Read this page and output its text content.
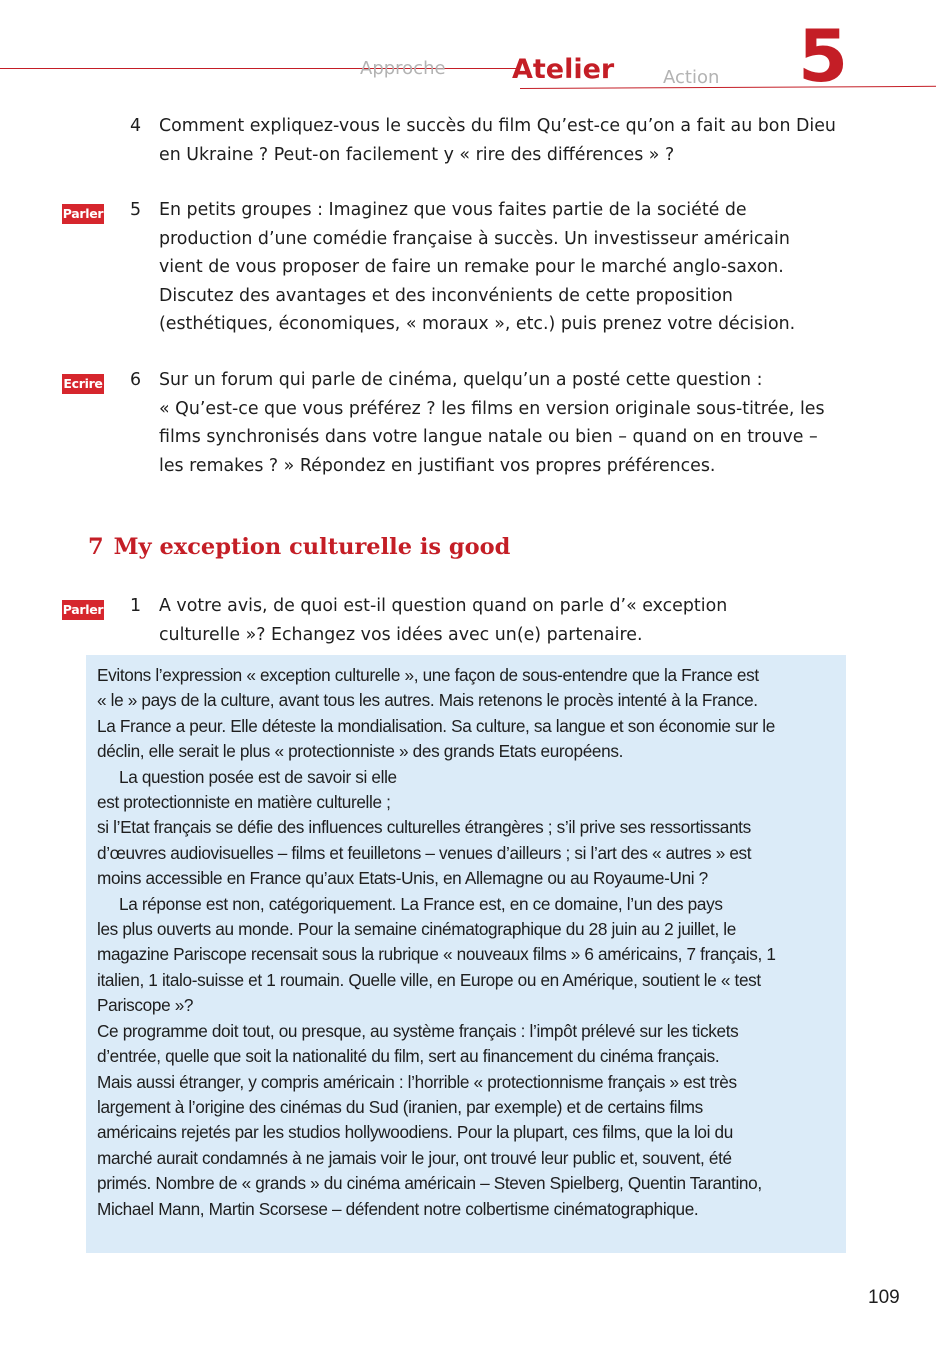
Approche Atelier	Action 5
4 Comment expliquez-vous le succès du film Qu’est-ce qu’on a fait au bon Dieu
en Ukraine ? Peut-on facilement y « rire des différences » ?
Parler 5 En petits groupes : Imaginez que vous faites partie de la société de
production d’une comédie française à succès. Un investisseur américain
vient de vous proposer de faire un remake pour le marché anglo-saxon.
Discutez des avantages et des inconvénients de cette proposition
(esthétiques, économiques, « moraux », etc.) puis prenez votre décision.
Ecrire 6 Sur un forum qui parle de cinéma, quelqu’un a posté cette question :
« Qu’est-ce que vous préférez ? les films en version originale sous-titrée, les
films synchronisés dans votre langue natale ou bien – quand on en trouve –
les remakes ? » Répondez en justifiant vos propres préférences.
7 My exception culturelle is good
Parler 1 A votre avis, de quoi est-il question quand on parle d’« exception
culturelle »? Echangez vos idées avec un(e) partenaire.
Evitons l’expression « exception culturelle », une façon de sous-entendre que la France est
« le » pays de la culture, avant tous les autres. Mais retenons le procès intenté à la France.
La France a peur. Elle déteste la mondialisation. Sa culture, sa langue et son économie sur le
déclin, elle serait le plus « protectionniste » des grands Etats européens.
La question posée est de savoir si elle
est protectionniste en matière culturelle ;
si l’Etat français se défie des influences culturelles étrangères ; s’il prive ses ressortissants
d’œuvres audiovisuelles – films et feuilletons – venues d’ailleurs ; si l’art des « autres » est
moins accessible en France qu’aux Etats-Unis, en Allemagne ou au Royaume-Uni ?
La réponse est non, catégoriquement. La France est, en ce domaine, l’un des pays
les plus ouverts au monde. Pour la semaine cinématographique du 28 juin au 2 juillet, le
magazine Pariscope recensait sous la rubrique « nouveaux films » 6 américains, 7 français, 1
italien, 1 italo-suisse et 1 roumain. Quelle ville, en Europe ou en Amérique, soutient le « test
Pariscope »?
Ce programme doit tout, ou presque, au système français : l’impôt prélevé sur les tickets
d’entrée, quelle que soit la nationalité du film, sert au financement du cinéma français.
Mais aussi étranger, y compris américain : l’horrible « protectionnisme français » est très
largement à l’origine des cinémas du Sud (iranien, par exemple) et de certains films
américains rejetés par les studios hollywoodiens. Pour la plupart, ces films, que la loi du
marché aurait condamnés à ne jamais voir le jour, ont trouvé leur public et, souvent, été
primés. Nombre de « grands » du cinéma américain – Steven Spielberg, Quentin Tarantino,
Michael Mann, Martin Scorsese – défendent notre colbertisme cinématographique.
109
